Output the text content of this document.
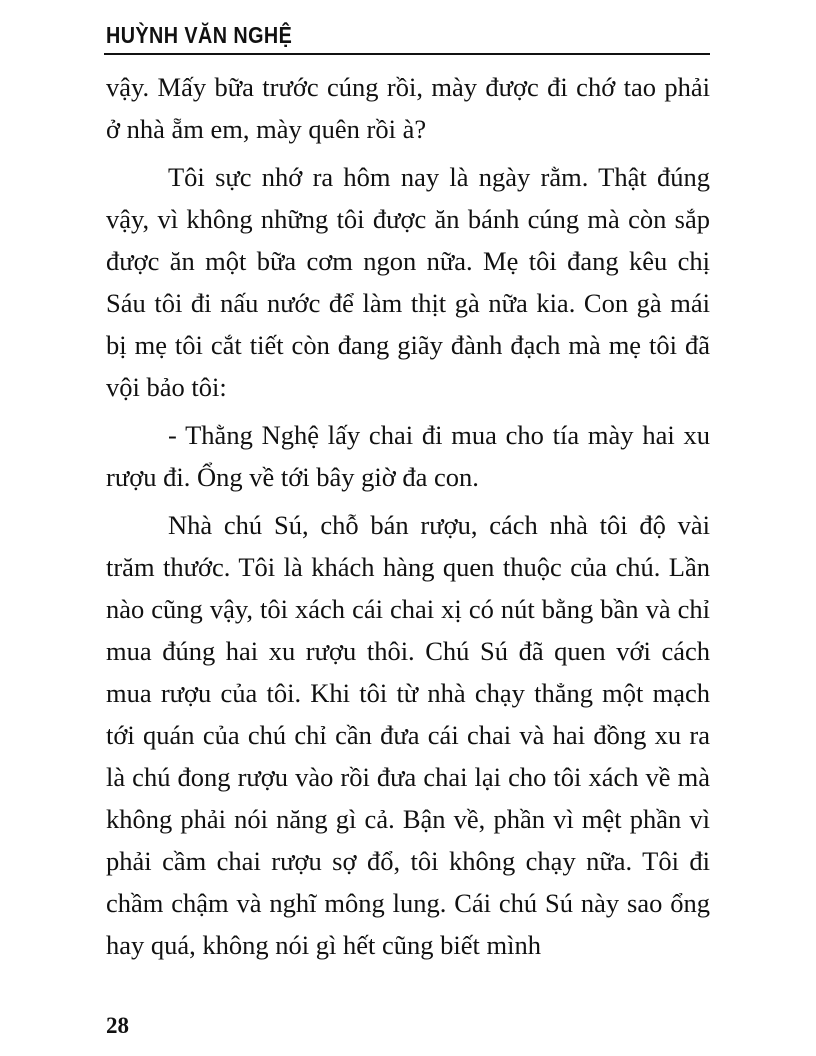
HUỲNH VĂN NGHỆ

vậy. Mấy bữa trước cúng rồi, mày được đi chớ tao phải ở nhà ẵm em, mày quên rồi à?

Tôi sực nhớ ra hôm nay là ngày rằm. Thật đúng vậy, vì không những tôi được ăn bánh cúng mà còn sắp được ăn một bữa cơm ngon nữa. Mẹ tôi đang kêu chị Sáu tôi đi nấu nước để làm thịt gà nữa kia. Con gà mái bị mẹ tôi cắt tiết còn đang giãy đành đạch mà mẹ tôi đã vội bảo tôi:

- Thằng Nghệ lấy chai đi mua cho tía mày hai xu rượu đi. Ổng về tới bây giờ đa con.

Nhà chú Sú, chỗ bán rượu, cách nhà tôi độ vài trăm thước. Tôi là khách hàng quen thuộc của chú. Lần nào cũng vậy, tôi xách cái chai xị có nút bằng bần và chỉ mua đúng hai xu rượu thôi. Chú Sú đã quen với cách mua rượu của tôi. Khi tôi từ nhà chạy thẳng một mạch tới quán của chú chỉ cần đưa cái chai và hai đồng xu ra là chú đong rượu vào rồi đưa chai lại cho tôi xách về mà không phải nói năng gì cả. Bận về, phần vì mệt phần vì phải cầm chai rượu sợ đổ, tôi không chạy nữa. Tôi đi chầm chậm và nghĩ mông lung. Cái chú Sú này sao ổng hay quá, không nói gì hết cũng biết mình

28
